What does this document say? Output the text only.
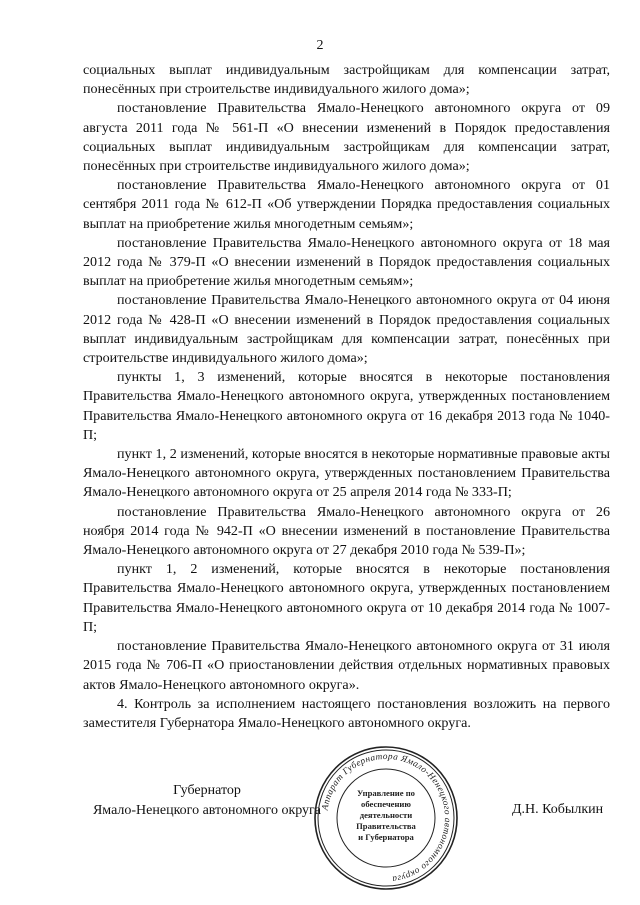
2

социальных выплат индивидуальным застройщикам для компенсации затрат, понесённых при строительстве индивидуального жилого дома»;

постановление Правительства Ямало-Ненецкого автономного округа от 09 августа 2011 года № 561-П «О внесении изменений в Порядок предоставления социальных выплат индивидуальным застройщикам для компенсации затрат, понесённых при строительстве индивидуального жилого дома»;

постановление Правительства Ямало-Ненецкого автономного округа от 01 сентября 2011 года № 612-П «Об утверждении Порядка предоставления социальных выплат на приобретение жилья многодетным семьям»;

постановление Правительства Ямало-Ненецкого автономного округа от 18 мая 2012 года № 379-П «О внесении изменений в Порядок предоставления социальных выплат на приобретение жилья многодетным семьям»;

постановление Правительства Ямало-Ненецкого автономного округа от 04 июня 2012 года № 428-П «О внесении изменений в Порядок предоставления социальных выплат индивидуальным застройщикам для компенсации затрат, понесённых при строительстве индивидуального жилого дома»;

пункты 1, 3 изменений, которые вносятся в некоторые постановления Правительства Ямало-Ненецкого автономного округа, утвержденных постановлением Правительства Ямало-Ненецкого автономного округа от 16 декабря 2013 года № 1040-П;

пункт 1, 2 изменений, которые вносятся в некоторые нормативные правовые акты Ямало-Ненецкого автономного округа, утвержденных постановлением Правительства Ямало-Ненецкого автономного округа от 25 апреля 2014 года № 333-П;

постановление Правительства Ямало-Ненецкого автономного округа от 26 ноября 2014 года № 942-П «О внесении изменений в постановление Правительства Ямало-Ненецкого автономного округа от 27 декабря 2010 года № 539-П»;

пункт 1, 2 изменений, которые вносятся в некоторые постановления Правительства Ямало-Ненецкого автономного округа, утвержденных постановлением Правительства Ямало-Ненецкого автономного округа от 10 декабря 2014 года № 1007-П;

постановление Правительства Ямало-Ненецкого автономного округа от 31 июля 2015 года № 706-П «О приостановлении действия отдельных нормативных правовых актов Ямало-Ненецкого автономного округа».

4. Контроль за исполнением настоящего постановления возложить на первого заместителя Губернатора Ямало-Ненецкого автономного округа.

Губернатор
Ямало-Ненецкого автономного округа	Д.Н. Кобылкин
Аппарат Губернатора Ямало-Ненецкого автономного округа
Управление по
обеспечению
деятельности
Правительства
и Губернатора
